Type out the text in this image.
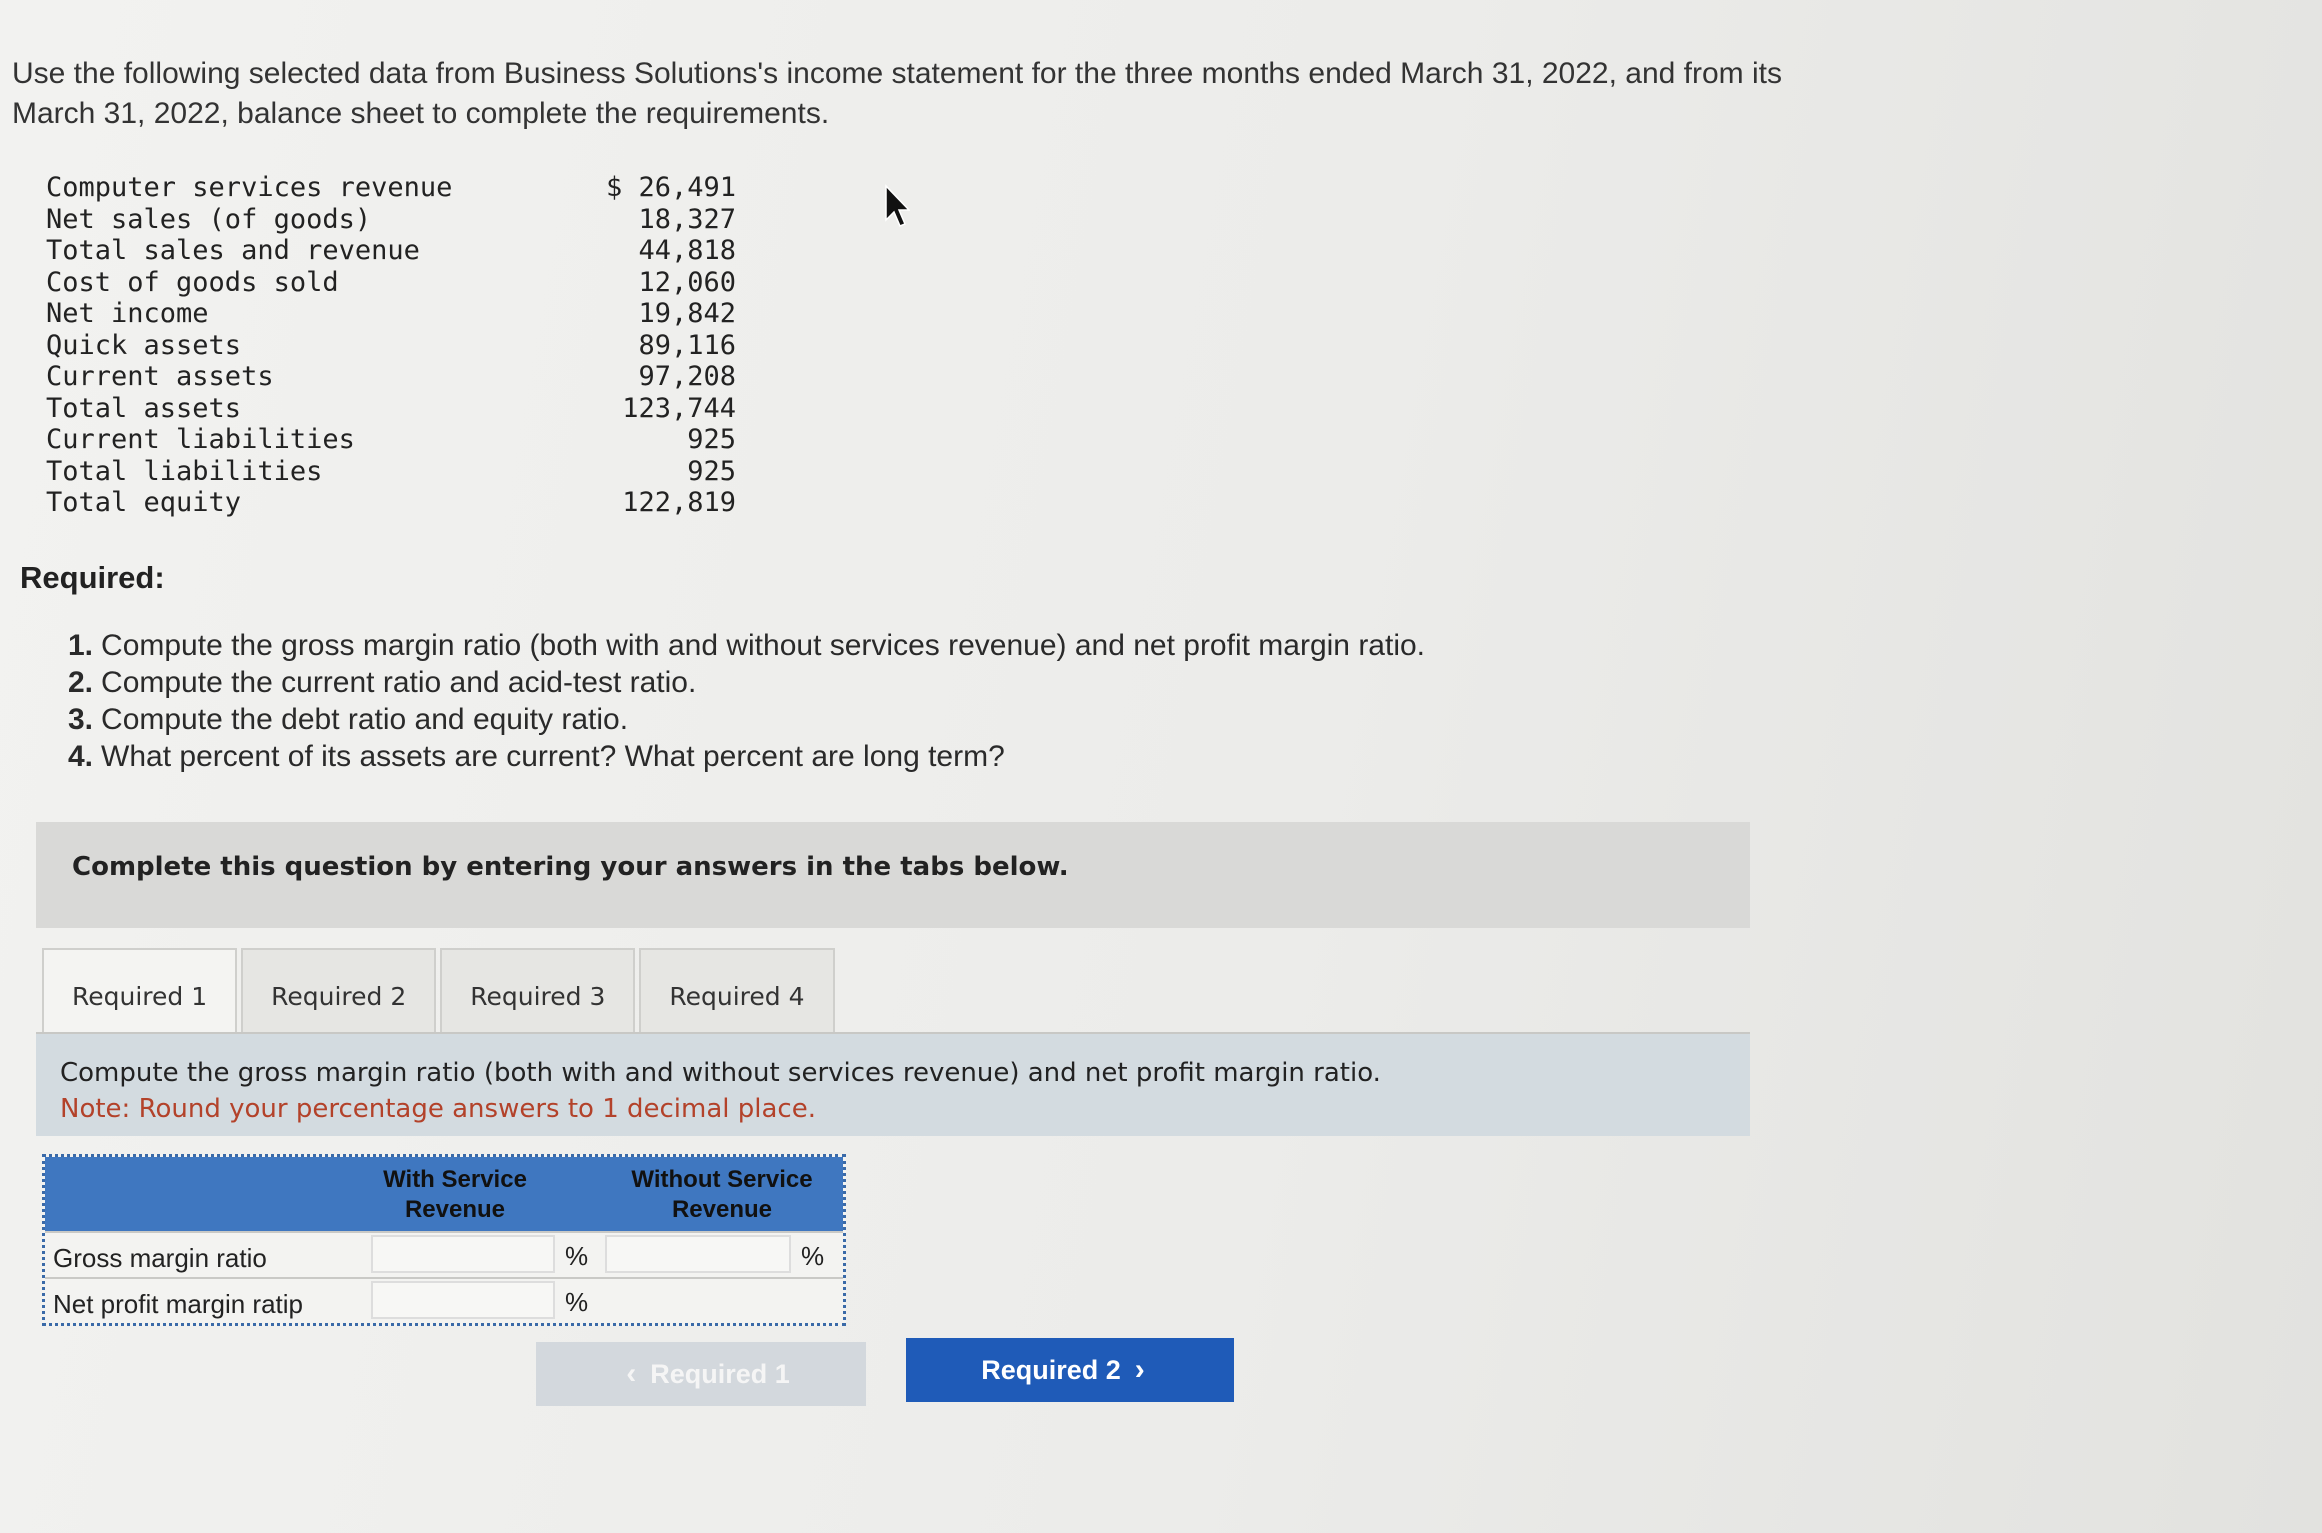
Use the following selected data from Business Solutions's income statement for the three months ended March 31, 2022, and from its
March 31, 2022, balance sheet to complete the requirements.
Computer services revenue	$ 26,491
Net sales (of goods)	18,327
Total sales and revenue	44,818
Cost of goods sold	12,060
Net income	19,842
Quick assets	89,116
Current assets	97,208
Total assets	123,744
Current liabilities	925
Total liabilities	925
Total equity	122,819
Required:
1. Compute the gross margin ratio (both with and without services revenue) and net profit margin ratio.
2. Compute the current ratio and acid-test ratio.
3. Compute the debt ratio and equity ratio.
4. What percent of its assets are current? What percent are long term?
Complete this question by entering your answers in the tabs below.
Required 1	Required 2	Required 3	Required 4
Compute the gross margin ratio (both with and without services revenue) and net profit margin ratio.
Note: Round your percentage answers to 1 decimal place.
With Service
Revenue
Without Service
Revenue
Gross margin ratio	%	%
Net profit margin ratip	%
‹ Required 1	Required 2 ›
